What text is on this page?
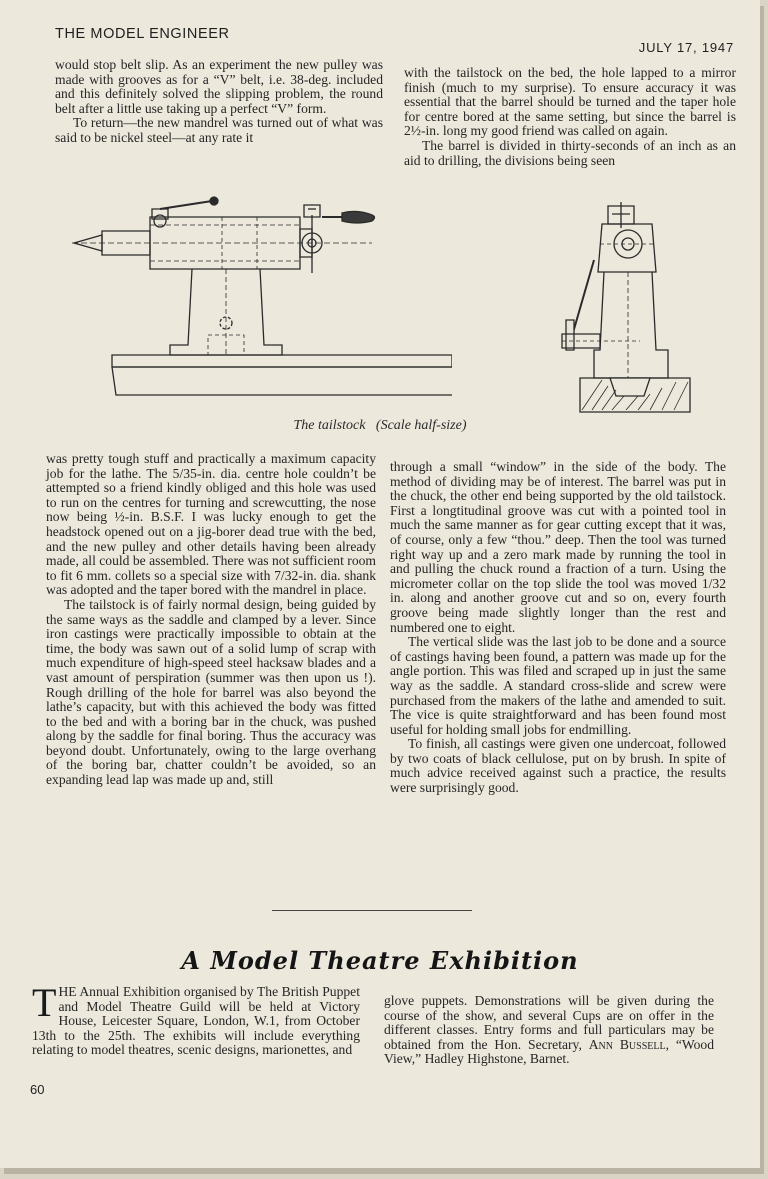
THE MODEL ENGINEER
JULY 17, 1947

would stop belt slip. As an experiment the new pulley was made with grooves as for a “V” belt, i.e. 38-deg. included and this definitely solved the slipping problem, the round belt after a little use taking up a perfect “V” form.

To return—the new mandrel was turned out of what was said to be nickel steel—at any rate it

with the tailstock on the bed, the hole lapped to a mirror finish (much to my surprise). To ensure accuracy it was essential that the barrel should be turned and the taper hole for centre bored at the same setting, but since the barrel is 2½-in. long my good friend was called on again.

The barrel is divided in thirty-seconds of an inch as an aid to drilling, the divisions being seen

The tailstock (Scale half-size)

was pretty tough stuff and practically a maximum capacity job for the lathe. The 5/35-in. dia. centre hole couldn’t be attempted so a friend kindly obliged and this hole was used to run on the centres for turning and screwcutting, the nose now being ½-in. B.S.F. I was lucky enough to get the headstock opened out on a jig-borer dead true with the bed, and the new pulley and other details having been already made, all could be assembled. There was not sufficient room to fit 6 mm. collets so a special size with 7/32-in. dia. shank was adopted and the taper bored with the mandrel in place.

The tailstock is of fairly normal design, being guided by the same ways as the saddle and clamped by a lever. Since iron castings were practically impossible to obtain at the time, the body was sawn out of a solid lump of scrap with much expenditure of high-speed steel hacksaw blades and a vast amount of perspiration (summer was then upon us !). Rough drilling of the hole for barrel was also beyond the lathe’s capacity, but with this achieved the body was fitted to the bed and with a boring bar in the chuck, was pushed along by the saddle for final boring. Thus the accuracy was beyond doubt. Unfortunately, owing to the large overhang of the boring bar, chatter couldn’t be avoided, so an expanding lead lap was made up and, still

through a small “window” in the side of the body. The method of dividing may be of interest. The barrel was put in the chuck, the other end being supported by the old tailstock. First a longtitudinal groove was cut with a pointed tool in much the same manner as for gear cutting except that it was, of course, only a few “thou.” deep. Then the tool was turned right way up and a zero mark made by running the tool in and pulling the chuck round a fraction of a turn. Using the micrometer collar on the top slide the tool was moved 1/32 in. along and another groove cut and so on, every fourth groove being made slightly longer than the rest and numbered one to eight.

The vertical slide was the last job to be done and a source of castings having been found, a pattern was made up for the angle portion. This was filed and scraped up in just the same way as the saddle. A standard cross-slide and screw were purchased from the makers of the lathe and amended to suit. The vice is quite straightforward and has been found most useful for holding small jobs for endmilling.

To finish, all castings were given one undercoat, followed by two coats of black cellulose, put on by brush. In spite of much advice received against such a practice, the results were surprisingly good.

A Model Theatre Exhibition

THE Annual Exhibition organised by The British Puppet and Model Theatre Guild will be held at Victory House, Leicester Square, London, W.1, from October 13th to the 25th. The exhibits will include everything relating to model theatres, scenic designs, marionettes, and

glove puppets. Demonstrations will be given during the course of the show, and several Cups are on offer in the different classes. Entry forms and full particulars may be obtained from the Hon. Secretary, Ann Bussell, “Wood View,” Hadley Highstone, Barnet.

60
